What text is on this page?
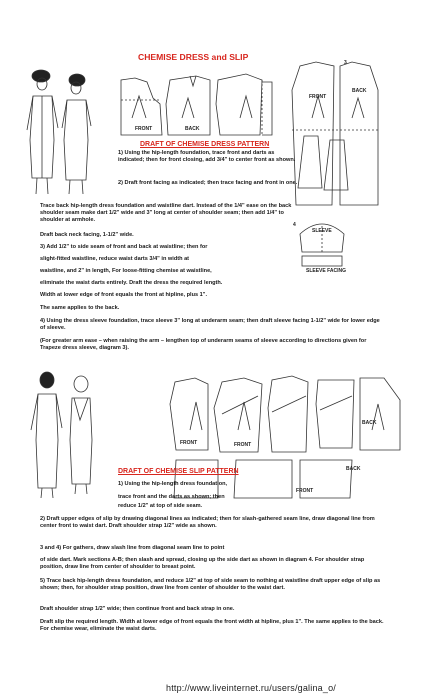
CHEMISE DRESS and SLIP
FRONT	BACK
FRONT
BACK
3
4
SLEEVE
SLEEVE FACING
DRAFT OF CHEMISE DRESS PATTERN

1) Using the hip-length foundation, trace front and darts as indicated; then for front closing, add 3/4" to center front as shown.

2) Draft front facing as indicated; then trace facing and front in one.

Trace back hip-length dress foundation and waistline dart. Instead of the 1/4" ease on the back shoulder seam make dart 1/2" wide and 3" long at center of shoulder seam; then add 1/4" to shoulder at armhole.

Draft back neck facing, 1-1/2" wide.

3) Add 1/2" to side seam of front and back at waistline; then for

slight-fitted waistline, reduce waist darts 3/4" in width at

waistline, and 2" in length, For loose-fitting chemise at waistline,

eliminate the waist darts entirely. Draft the dress the required length.

Width at lower edge of front equals the front at hipline, plus 1".

The same applies to the back.

4) Using the dress sleeve foundation, trace sleeve 3" long at underarm seam; then draft sleeve facing 1-1/2" wide for lower edge of sleeve.

(For greater arm ease – when raising the arm – lengthen top of underarm seams of sleeve according to directions given for Trapeze dress sleeve, diagram 3).

FRONT	FRONT
FRONT
BACK
BACK
DRAFT OF CHEMISE SLIP PATTERN

1) Using the hip-length dress foundation,

trace front and the darts as shown; then

reduce 1/2" at top of side seam.

2) Draft upper edges of slip by drawing diagonal lines as indicated; then for slash-gathered seam line, draw diagonal line from center front to waist dart. Draft shoulder strap 1/2" wide as shown.

3 and 4) For gathers, draw slash line from diagonal seam line to point

of side dart. Mark sections A-B; then slash and spread, closing up the side dart as shown in diagram 4. For shoulder strap position, draw line from center of shoulder to breast point.

5) Trace back hip-length dress foundation, and reduce 1/2" at top of side seam to nothing at waistline draft upper edge of slip as shown; then, for shoulder strap position, draw line from center of shoulder to the waist dart.

Draft shoulder strap 1/2" wide; then continue front and back strap in one.

Draft slip the required length. Width at lower edge of front equals the front width at hipline, plus 1". The same applies to the back. For chemise wear, eliminate the waist darts.

http://www.liveinternet.ru/users/galina_o/
